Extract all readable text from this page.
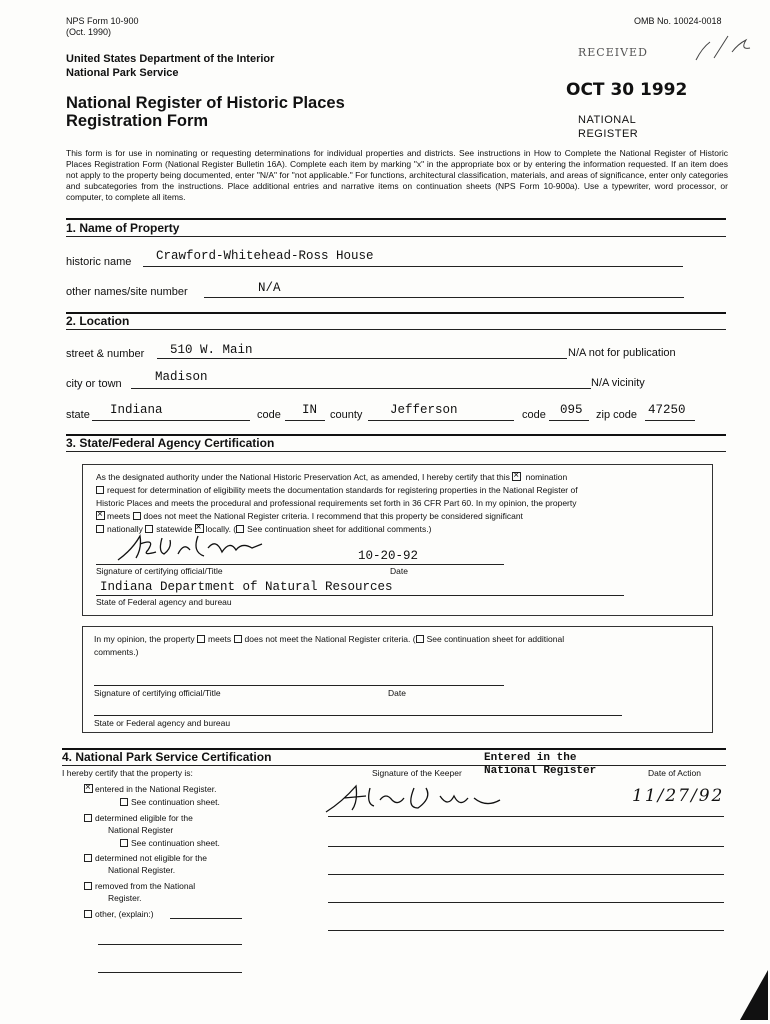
NPS Form 10-900
(Oct. 1990)
OMB No. 10024-0018
United States Department of the Interior
National Park Service
National Register of Historic Places
Registration Form
RECEIVED
OCT 30 1992
NATIONAL
REGISTER
This form is for use in nominating or requesting determinations for individual properties and districts. See instructions in How to Complete the National Register of Historic Places Registration Form (National Register Bulletin 16A). Complete each item by marking "x" in the appropriate box or by entering the information requested. If an item does not apply to the property being documented, enter "N/A" for "not applicable." For functions, architectural classification, materials, and areas of significance, enter only categories and subcategories from the instructions. Place additional entries and narrative items on continuation sheets (NPS Form 10-900a). Use a typewriter, word processor, or computer, to complete all items.
1. Name of Property
historic name Crawford-Whitehead-Ross House
other names/site number	N/A
2. Location
street & number 510 W. Main	N/A not for publication
city or town	Madison	N/A vicinity
state Indiana	code IN county Jefferson	code 095 zip code 47250
3. State/Federal Agency Certification
As the designated authority under the National Historic Preservation Act, as amended, I hereby certify that this × nomination
request for determination of eligibility meets the documentation standards for registering properties in the National Register of
Historic Places and meets the procedural and professional requirements set forth in 36 CFR Part 60. In my opinion, the property
×meets does not meet the National Register criteria. I recommend that this property be considered significant
nationally statewide × locally. ( See continuation sheet for additional comments.)
10-20-92
Signature of certifying official/Title	Date
Indiana Department of Natural Resources
State of Federal agency and bureau
In my opinion, the property meets does not meet the National Register criteria. ( See continuation sheet for additional
comments.)
Signature of certifying official/Title	Date
State or Federal agency and bureau
4. National Park Service Certification
I hereby certify that the property is:
Entered in the
National Register
Signature of the Keeper	Date of Action
11/27/92
×entered in the National Register.
See continuation sheet.
determined eligible for the
National Register
See continuation sheet.
determined not eligible for the
National Register.
removed from the National
Register.
other, (explain:)
